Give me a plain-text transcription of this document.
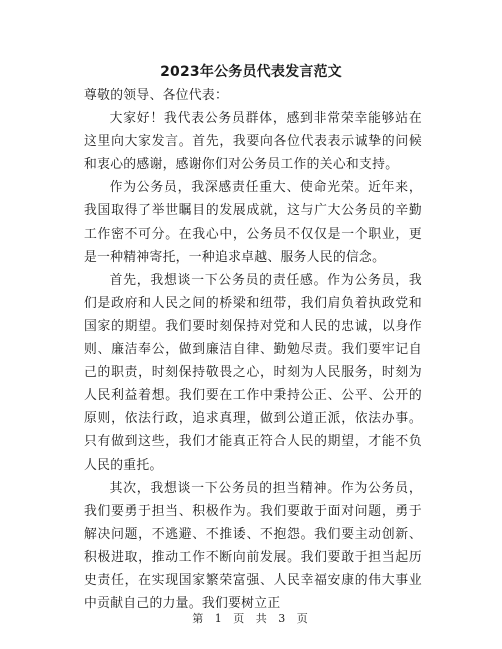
2023年公务员代表发言范文

尊敬的领导、各位代表：

大家好！我代表公务员群体，感到非常荣幸能够站在这里向大家发言。首先，我要向各位代表表示诚挚的问候和衷心的感谢，感谢你们对公务员工作的关心和支持。

作为公务员，我深感责任重大、使命光荣。近年来，我国取得了举世瞩目的发展成就，这与广大公务员的辛勤工作密不可分。在我心中，公务员不仅仅是一个职业，更是一种精神寄托，一种追求卓越、服务人民的信念。

首先，我想谈一下公务员的责任感。作为公务员，我们是政府和人民之间的桥梁和纽带，我们肩负着执政党和国家的期望。我们要时刻保持对党和人民的忠诚，以身作则、廉洁奉公，做到廉洁自律、勤勉尽责。我们要牢记自己的职责，时刻保持敬畏之心，时刻为人民服务，时刻为人民利益着想。我们要在工作中秉持公正、公平、公开的原则，依法行政，追求真理，做到公道正派，依法办事。只有做到这些，我们才能真正符合人民的期望，才能不负人民的重托。

其次，我想谈一下公务员的担当精神。作为公务员，我们要勇于担当、积极作为。我们要敢于面对问题，勇于解决问题，不逃避、不推诿、不抱怨。我们要主动创新、积极进取，推动工作不断向前发展。我们要敢于担当起历史责任，在实现国家繁荣富强、人民幸福安康的伟大事业中贡献自己的力量。我们要树立正

第 1 页 共 3 页
